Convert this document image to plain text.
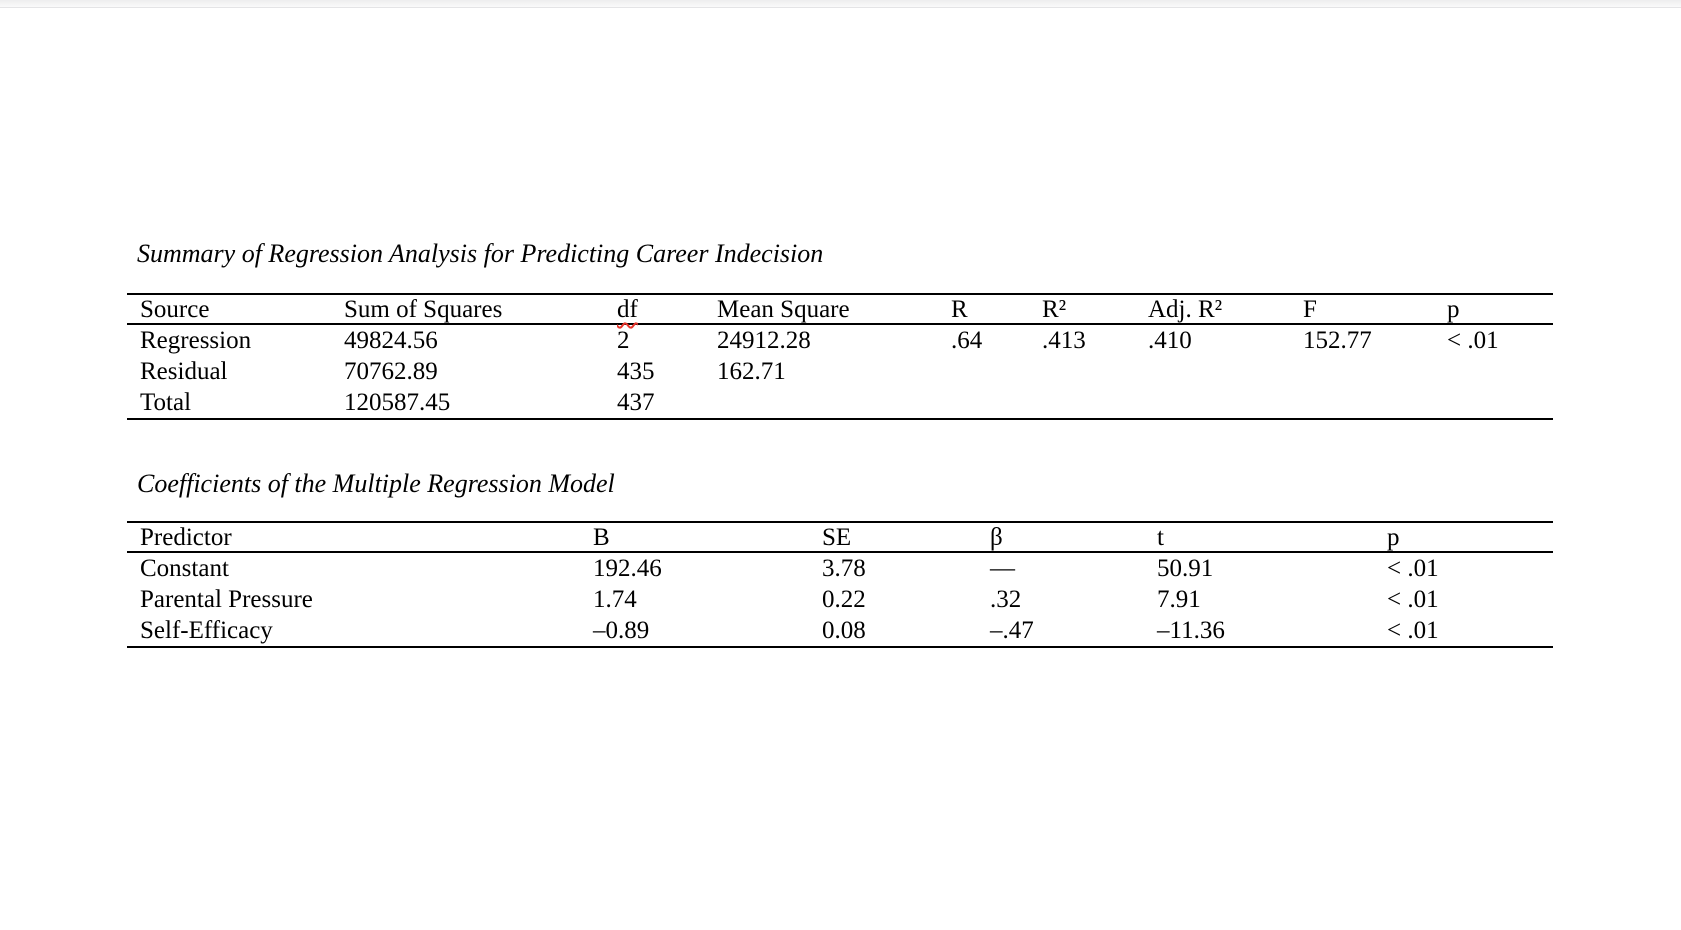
Summary of Regression Analysis for Predicting Career Indecision
Source	Sum of Squares	df	Mean Square	R	R²	Adj. R²	F	p
Regression	49824.56	2	24912.28	.64	.413	.410	152.77	< .01
Residual	70762.89	435	162.71
Total	120587.45	437
Coefficients of the Multiple Regression Model
Predictor	B	SE	β	t	p
Constant	192.46	3.78	—	50.91	< .01
Parental Pressure	1.74	0.22	.32	7.91	< .01
Self-Efficacy	–0.89	0.08	–.47	–11.36	< .01
